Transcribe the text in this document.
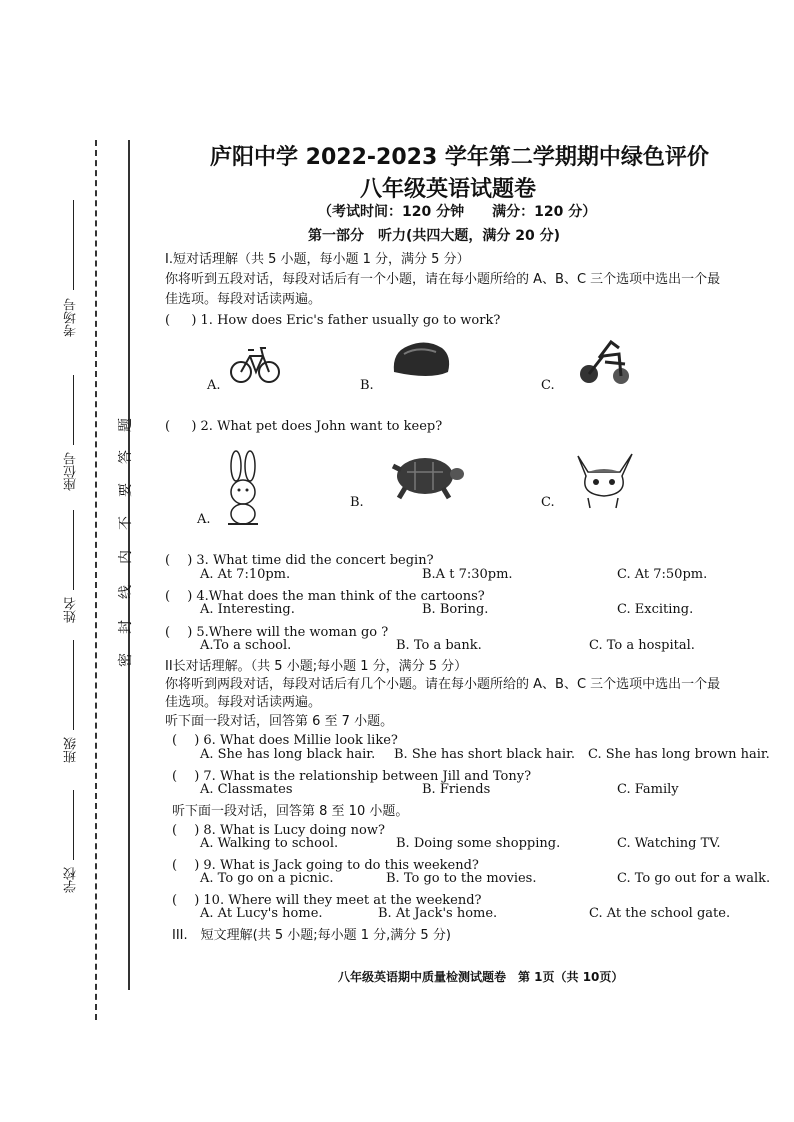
考场号
座位号
姓名
班级
学校
题
答
要
不
内
线
封
密
庐阳中学 2022-2023 学年第二学期期中绿色评价
八年级英语试题卷
（考试时间：120 分钟　　满分：120 分）
第一部分　听力(共四大题，满分 20 分)
I.短对话理解（共 5 小题，每小题 1 分，满分 5 分）
你将听到五段对话，每段对话后有一个小题，请在每小题所给的 A、B、C 三个选项中选出一个最
佳选项。每段对话读两遍。
( 　 ) 1. How does Eric's father usually go to work?
A.	B.	C.
( 　 ) 2. What pet does John want to keep?
A.
B.	C.
(　 ) 3. What time did the concert begin?
A. At 7:10pm.	B.A t 7:30pm.	C. At 7:50pm.
(　 ) 4.What does the man think of the cartoons?
A. Interesting.	B. Boring.	C. Exciting.
(　 ) 5.Where will the woman go ?
A.To a school.	B. To a bank.	C. To a hospital.
II长对话理解。（共 5 小题;每小题 1 分，满分 5 分）
你将听到两段对话，每段对话后有几个小题。请在每小题所给的 A、B、C 三个选项中选出一个最
佳选项。每段对话读两遍。
听下面一段对话，回答第 6 至 7 小题。
(　 ) 6. What does Millie look like?
A. She has long black hair. B. She has short black hair. C. She has long brown hair.
(　 ) 7. What is the relationship between Jill and Tony?
A. Classmates	B. Friends	C. Family
听下面一段对话，回答第 8 至 10 小题。
(　 ) 8. What is Lucy doing now?
A. Walking to school.	B. Doing some shopping.	C. Watching TV.
(　 ) 9. What is Jack going to do this weekend?
A. To go on a picnic.	B. To go to the movies.	C. To go out for a walk.
(　 ) 10. Where will they meet at the weekend?
A. At Lucy's home.	B. At Jack's home.	C. At the school gate.
III.　短文理解(共 5 小题;每小题 1 分,满分 5 分)
八年级英语期中质量检测试题卷　第 1页（共 10页）
